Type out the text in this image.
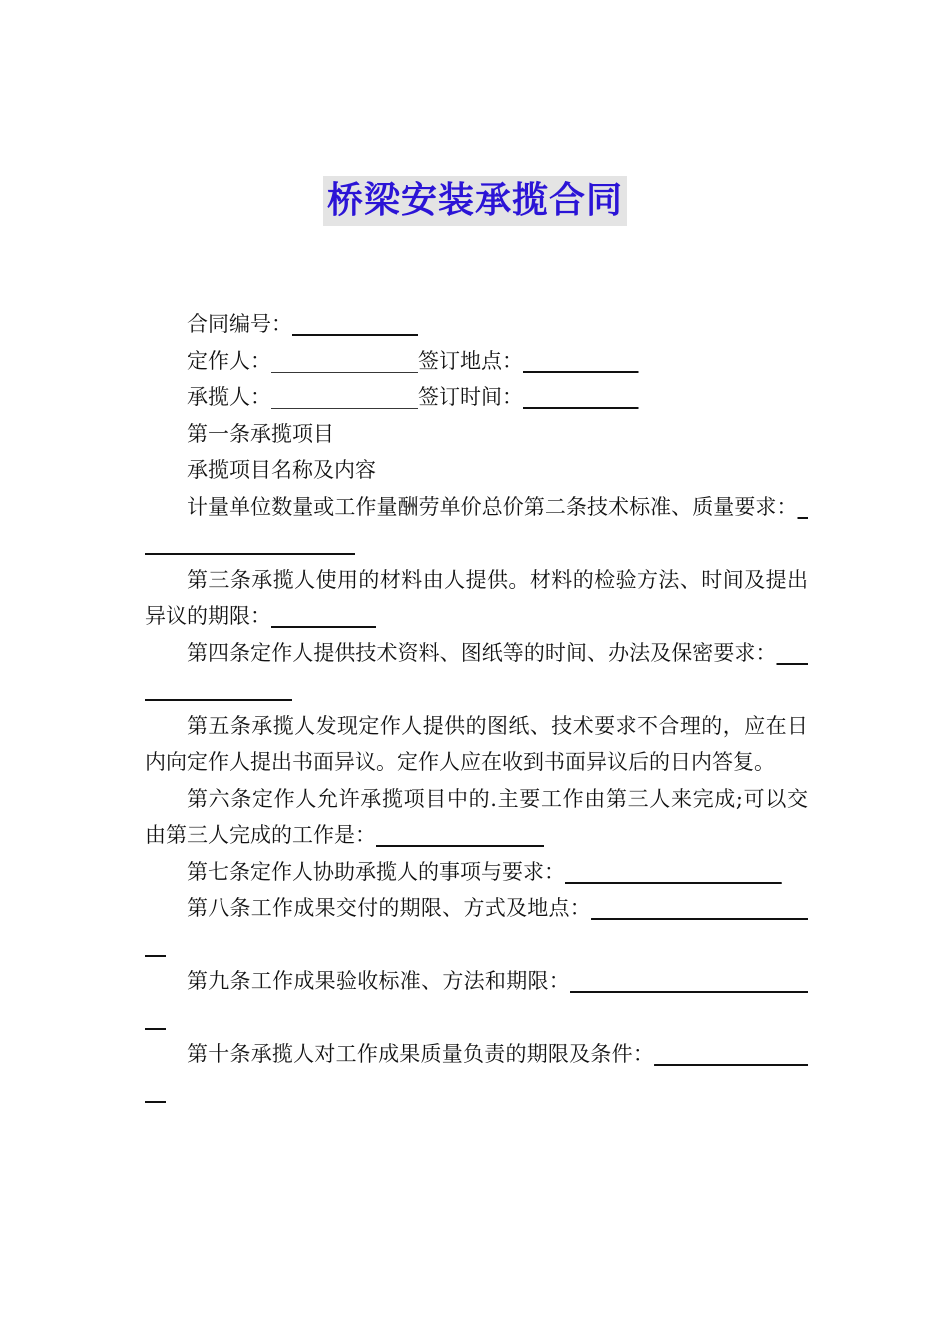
桥梁安装承揽合同

合同编号：____________

定作人：______________签订地点：___________

承揽人：______________签订时间：___________

第一条承揽项目

承揽项目名称及内容

计量单位数量或工作量酬劳单价总价第二条技术标准、质量要求：_____________________

第三条承揽人使用的材料由人提供。材料的检验方法、时间及提出异议的期限：__________

第四条定作人提供技术资料、图纸等的时间、办法及保密要求：_________________

第五条承揽人发现定作人提供的图纸、技术要求不合理的，应在日内向定作人提出书面异议。定作人应在收到书面异议后的日内答复。

第六条定作人允许承揽项目中的.主要工作由第三人来完成;可以交由第三人完成的工作是：________________

第七条定作人协助承揽人的事项与要求：___________________ _

第八条工作成果交付的期限、方式及地点：_________________ _____

第九条工作成果验收标准、方法和期限：___________________ _____

第十条承揽人对工作成果质量负责的期限及条件：___________ _____
